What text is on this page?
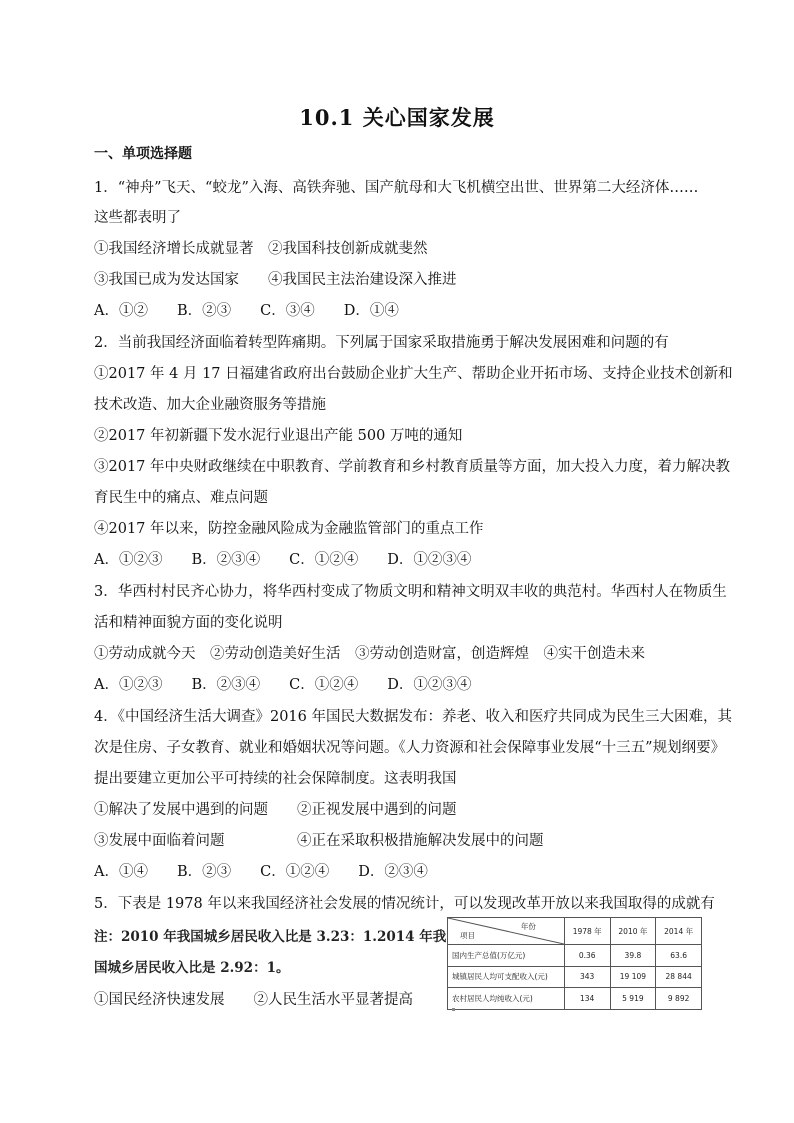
10.1 关心国家发展
一、单项选择题
1．“神舟”飞天、“蛟龙”入海、高铁奔驰、国产航母和大飞机横空出世、世界第二大经济体……
这些都表明了
①我国经济增长成就显著　②我国科技创新成就斐然
③我国已成为发达国家　　④我国民主法治建设深入推进
A．①②　　B．②③　　C．③④　　D．①④
2．当前我国经济面临着转型阵痛期。下列属于国家采取措施勇于解决发展困难和问题的有
①2017 年 4 月 17 日福建省政府出台鼓励企业扩大生产、帮助企业开拓市场、支持企业技术创新和
技术改造、加大企业融资服务等措施
②2017 年初新疆下发水泥行业退出产能 500 万吨的通知
③2017 年中央财政继续在中职教育、学前教育和乡村教育质量等方面，加大投入力度，着力解决教
育民生中的痛点、难点问题
④2017 年以来，防控金融风险成为金融监管部门的重点工作
A．①②③　　B．②③④　　C．①②④　　D．①②③④
3．华西村村民齐心协力，将华西村变成了物质文明和精神文明双丰收的典范村。华西村人在物质生
活和精神面貌方面的变化说明
①劳动成就今天　②劳动创造美好生活　③劳动创造财富，创造辉煌　④实干创造未来
A．①②③　　B．②③④　　C．①②④　　D．①②③④
4．《中国经济生活大调查》2016 年国民大数据发布：养老、收入和医疗共同成为民生三大困难，其
次是住房、子女教育、就业和婚姻状况等问题。《人力资源和社会保障事业发展“十三五”规划纲要》
提出要建立更加公平可持续的社会保障制度。这表明我国
①解决了发展中遇到的问题　　②正视发展中遇到的问题
③发展中面临着问题　　　　　④正在采取积极措施解决发展中的问题
A．①④　　B．②③　　C．①②④　　D．②③④
5．下表是 1978 年以来我国经济社会发展的情况统计，可以发现改革开放以来我国取得的成就有
注：2010 年我国城乡居民收入比是 3.23：1.2014 年我
国城乡居民收入比是 2.92：1。
①国民经济快速发展　　②人民生活水平显著提高
年份
项目	1978 年	2010 年	2014 年
国内生产总值(万亿元)	0.36	39.8	63.6
城镇居民人均可支配收入(元)	343	19 109	28 844
农村居民人均纯收入(元)	134	5 919	9 892
